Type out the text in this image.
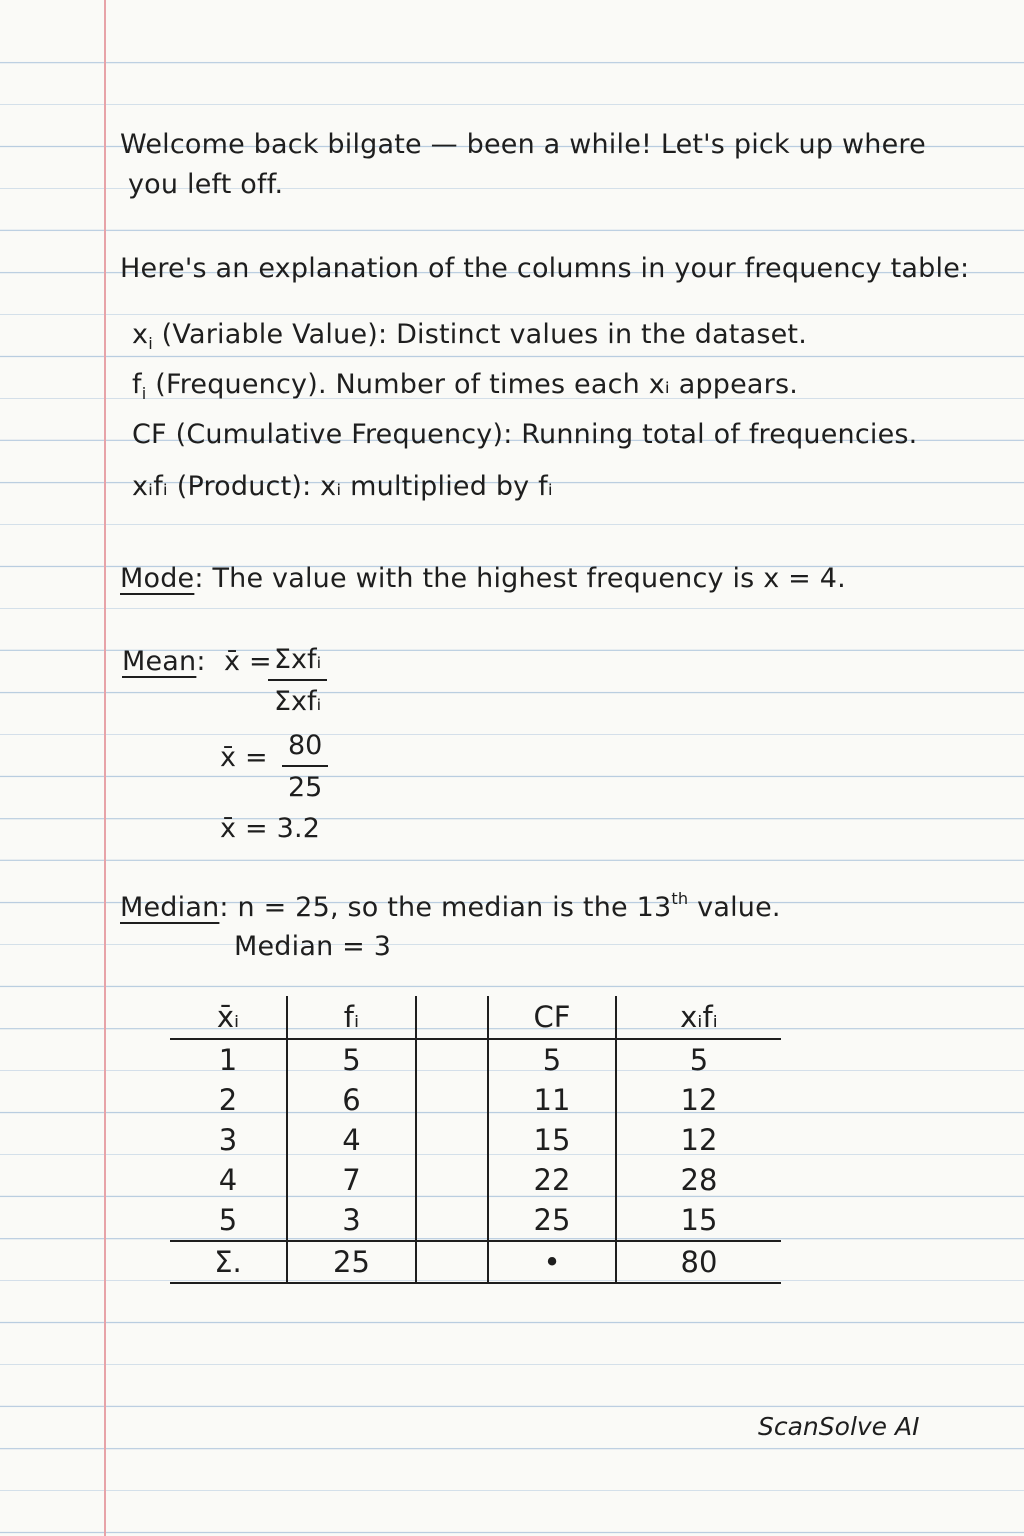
Welcome back bilgate — been a while! Let's pick up where
you left off.
Here's an explanation of the columns in your frequency table:
$x_i$ (Variable Value): Distinct values in the dataset.
$f_i$ (Frequency). Number of times each xᵢ appears.
CF (Cumulative Frequency): Running total of frequencies.
xᵢfᵢ (Product): xᵢ multiplied by fᵢ
Mode: The value with the highest frequency is x = 4.
Mean: x̄ = Σxfᵢ
Σxfᵢ
x̄ = $\frac{80}{25}$
x̄ = 3.2
Median: n = 25, so the median is the 13th value.
Median = 3
x̄ᵢ	fᵢ		CF	xᵢfᵢ
1	5		5	5
2	6		11	12
3	4		15	12
4	7		22	28
5	3		25	15
Σ.	25		•	80
ScanSolve AI
